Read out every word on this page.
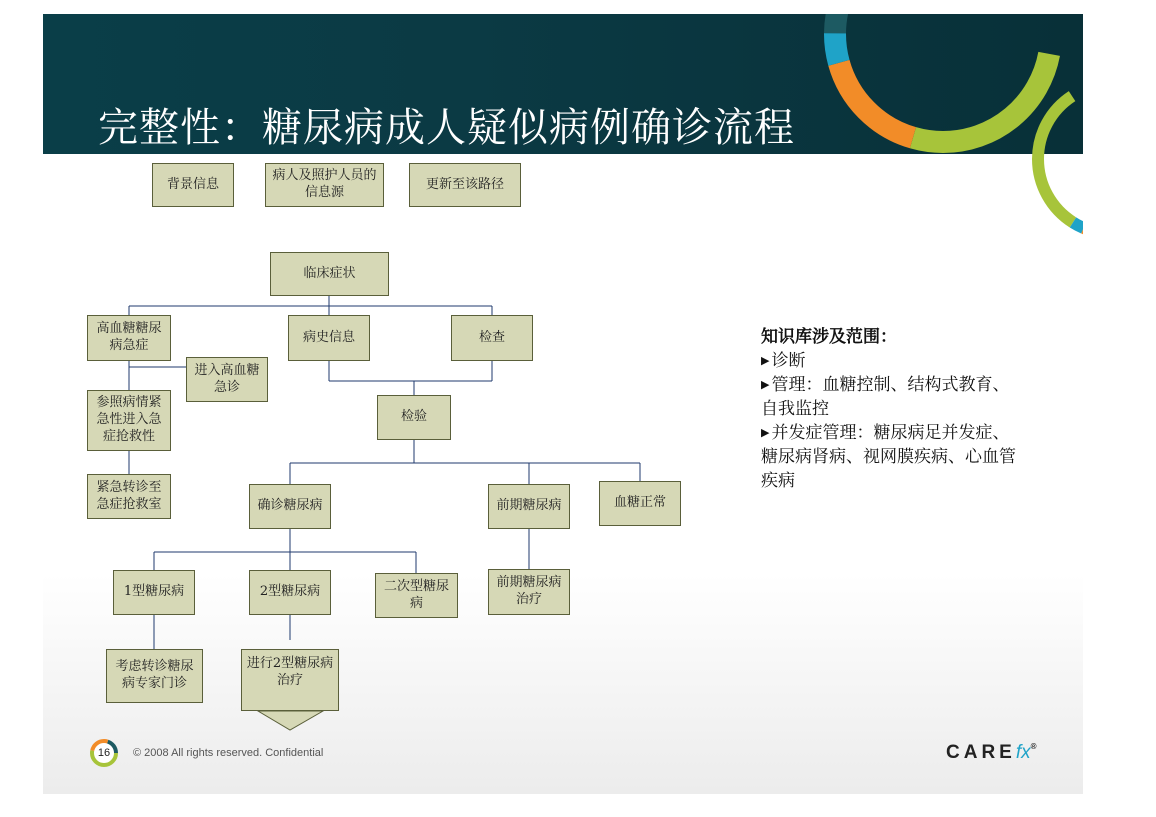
完整性：糖尿病成人疑似病例确诊流程
背景信息
病人及照护人员的信息源
更新至该路径
临床症状
高血糖糖尿病急症
进入高血糖急诊
参照病情紧急性进入急症抢救性
紧急转诊至急症抢救室
病史信息	检查
检验
确诊糖尿病	前期糖尿病	血糖正常
1型糖尿病	2型糖尿病	二次型糖尿病
前期糖尿病治疗
考虑转诊糖尿病专家门诊
进行2型糖尿病治疗
知识库涉及范围：
▶ 诊断
▶ 管理：血糖控制、结构式教育、自我监控
▶ 并发症管理：糖尿病足并发症、糖尿病肾病、视网膜疾病、心血管疾病
16	© 2008 All rights reserved. Confidential	CAREfx®
